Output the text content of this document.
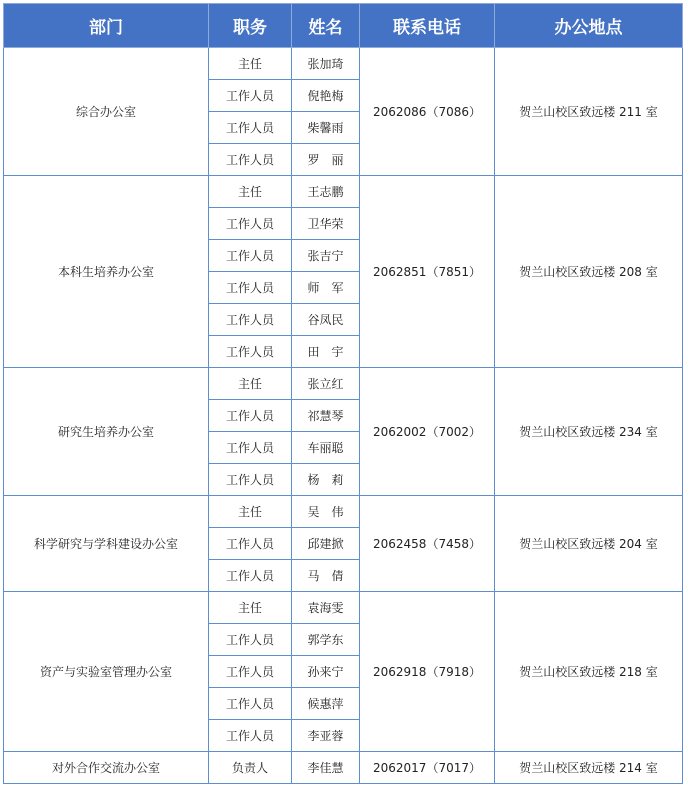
部门	职务	姓名	联系电话	办公地点
综合办公室	主任	张加琦	2062086（7086）	贺兰山校区致远楼 211 室
	工作人员	倪艳梅		
	工作人员	柴馨雨		
	工作人员	罗　丽		
本科生培养办公室	主任	王志鹏	2062851（7851）	贺兰山校区致远楼 208 室
	工作人员	卫华荣		
	工作人员	张吉宁		
	工作人员	师　军		
	工作人员	谷凤民		
	工作人员	田　宇		
研究生培养办公室	主任	张立红	2062002（7002）	贺兰山校区致远楼 234 室
	工作人员	祁慧琴		
	工作人员	车丽聪		
	工作人员	杨　莉		
科学研究与学科建设办公室	主任	吴　伟	2062458（7458）	贺兰山校区致远楼 204 室
	工作人员	邱建掀		
	工作人员	马　倩		
资产与实验室管理办公室	主任	袁海雯	2062918（7918）	贺兰山校区致远楼 218 室
	工作人员	郭学东		
	工作人员	孙来宁		
	工作人员	候惠萍		
	工作人员	李亚蓉		
对外合作交流办公室	负责人	李佳慧	2062017（7017）	贺兰山校区致远楼 214 室
